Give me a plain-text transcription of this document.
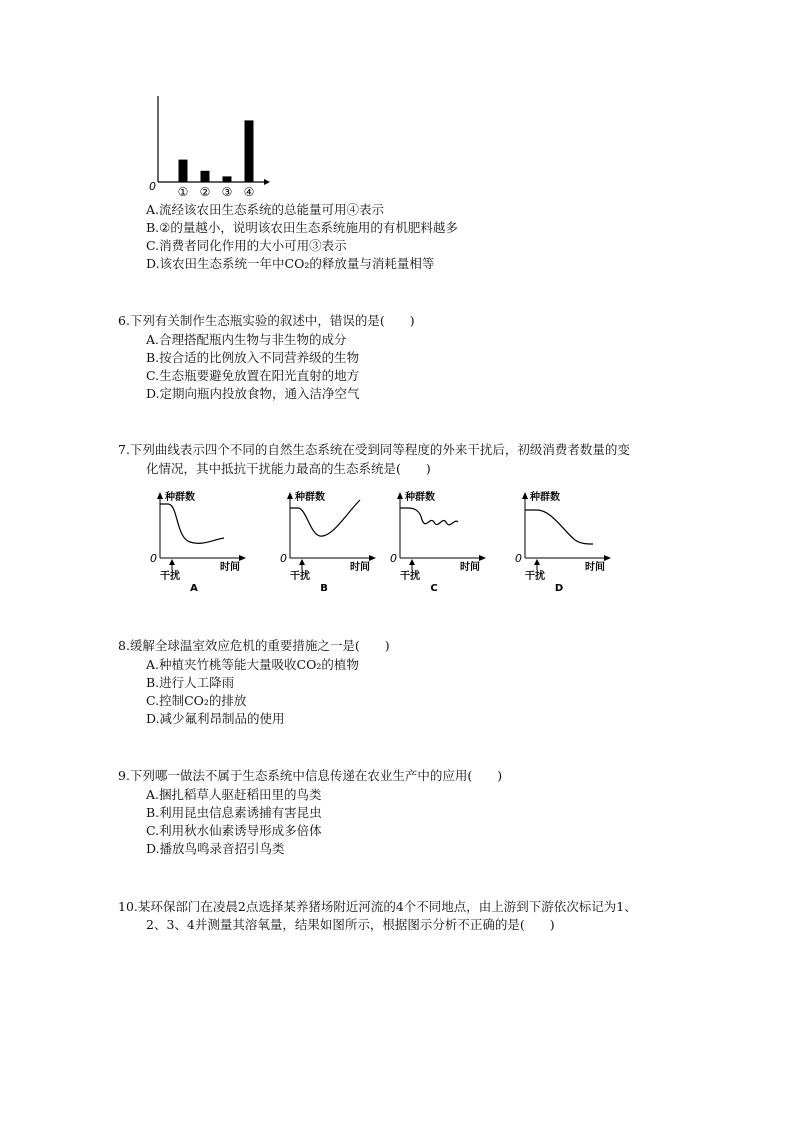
0 ① ② ③ ④
A.流经该农田生态系统的总能量可用④表示
B.②的量越小，说明该农田生态系统施用的有机肥料越多
C.消费者同化作用的大小可用③表示
D.该农田生态系统一年中CO₂的释放量与消耗量相等
6.下列有关制作生态瓶实验的叙述中，错误的是(　　)
A.合理搭配瓶内生物与非生物的成分
B.按合适的比例放入不同营养级的生物
C.生态瓶要避免放置在阳光直射的地方
D.定期向瓶内投放食物，通入洁净空气
7.下列曲线表示四个不同的自然生态系统在受到同等程度的外来干扰后，初级消费者数量的变
化情况，其中抵抗干扰能力最高的生态系统是(　　)
种群数
0
时间
干扰
A
种群数
0
时间
干扰
B
种群数
0
时间
干扰
C
种群数
0
时间
干扰
D
8.缓解全球温室效应危机的重要措施之一是(　　)
A.种植夹竹桃等能大量吸收CO₂的植物
B.进行人工降雨
C.控制CO₂的排放
D.减少氟利昂制品的使用
9.下列哪一做法不属于生态系统中信息传递在农业生产中的应用(　　)
A.捆扎稻草人驱赶稻田里的鸟类
B.利用昆虫信息素诱捕有害昆虫
C.利用秋水仙素诱导形成多倍体
D.播放鸟鸣录音招引鸟类
10.某环保部门在凌晨2点选择某养猪场附近河流的4个不同地点，由上游到下游依次标记为1、
2、3、4并测量其溶氧量，结果如图所示，根据图示分析不正确的是(　　)
